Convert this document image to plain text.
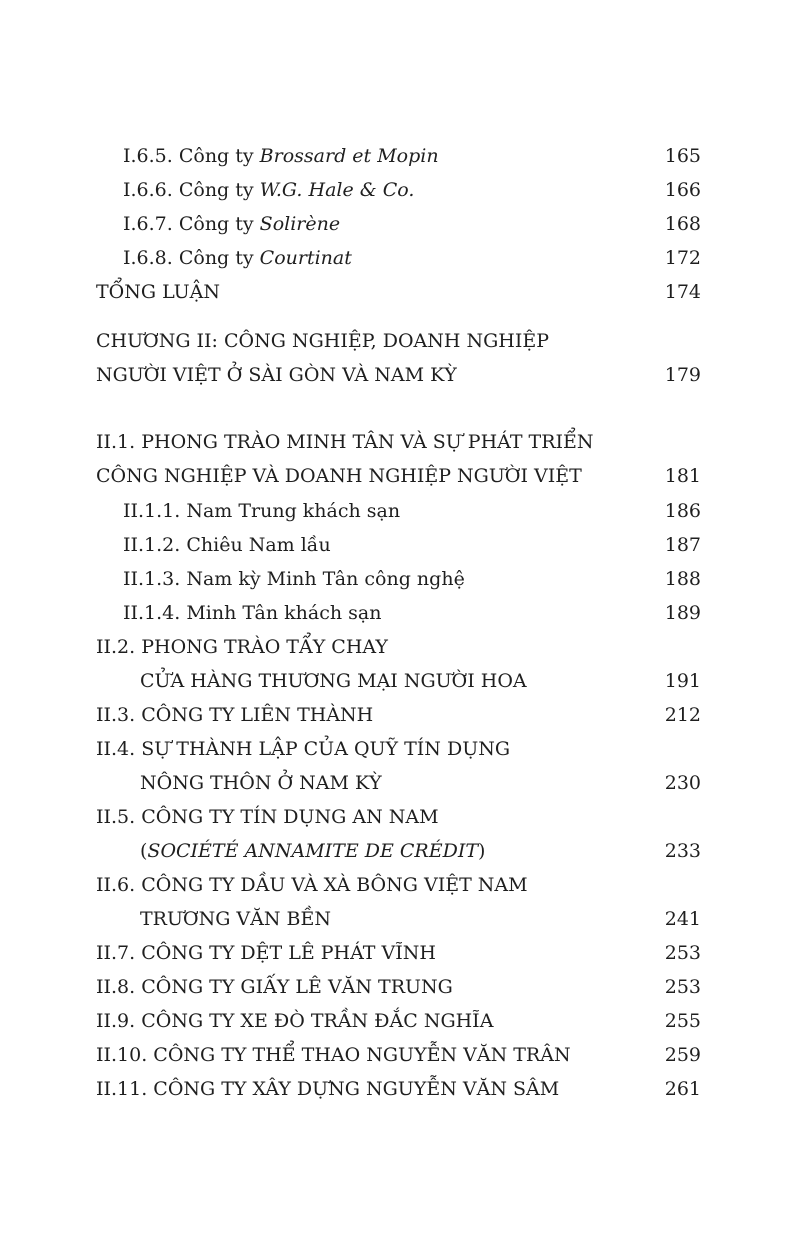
I.6.5. Công ty Brossard et Mopin	165
I.6.6. Công ty W.G. Hale & Co.	166
I.6.7. Công ty Solirène	168
I.6.8. Công ty Courtinat	172
TỔNG LUẬN	174
CHƯƠNG II: CÔNG NGHIỆP, DOANH NGHIỆP
NGƯỜI VIỆT Ở SÀI GÒN VÀ NAM KỲ	179
II.1. PHONG TRÀO MINH TÂN VÀ SỰ PHÁT TRIỂN
CÔNG NGHIỆP VÀ DOANH NGHIỆP NGƯỜI VIỆT	181
II.1.1. Nam Trung khách sạn	186
II.1.2. Chiêu Nam lầu	187
II.1.3. Nam kỳ Minh Tân công nghệ	188
II.1.4. Minh Tân khách sạn	189
II.2. PHONG TRÀO TẨY CHAY
CỬA HÀNG THƯƠNG MẠI NGƯỜI HOA	191
II.3. CÔNG TY LIÊN THÀNH	212
II.4. SỰ THÀNH LẬP CỦA QUỸ TÍN DỤNG
NÔNG THÔN Ở NAM KỲ	230
II.5. CÔNG TY TÍN DỤNG AN NAM
(SOCIÉTÉ ANNAMITE DE CRÉDIT)	233
II.6. CÔNG TY DẦU VÀ XÀ BÔNG VIỆT NAM
TRƯƠNG VĂN BỀN	241
II.7. CÔNG TY DỆT LÊ PHÁT VĨNH	253
II.8. CÔNG TY GIẤY LÊ VĂN TRUNG	253
II.9. CÔNG TY XE ĐÒ TRẦN ĐẮC NGHĨA	255
II.10. CÔNG TY THỂ THAO NGUYỄN VĂN TRÂN	259
II.11. CÔNG TY XÂY DỰNG NGUYỄN VĂN SÂM	261
